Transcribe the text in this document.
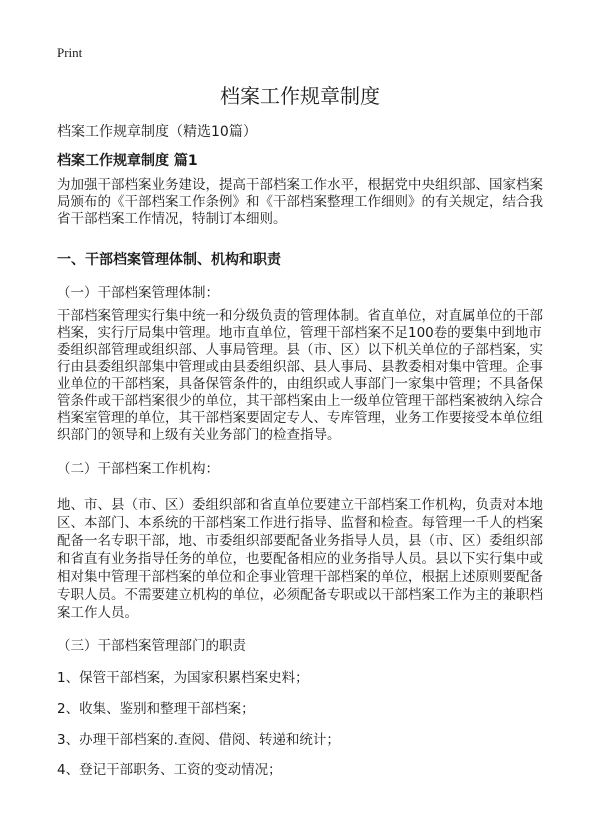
Print
档案工作规章制度
档案工作规章制度（精选10篇）
档案工作规章制度 篇1
为加强干部档案业务建设，提高干部档案工作水平，根据党中央组织部、国家档案
局颁布的《干部档案工作条例》和《干部档案整理工作细则》的有关规定，结合我
省干部档案工作情况，特制订本细则。
一、干部档案管理体制、机构和职责
（一）干部档案管理体制：
干部档案管理实行集中统一和分级负责的管理体制。省直单位，对直属单位的干部
档案，实行厅局集中管理。地市直单位，管理干部档案不足100卷的要集中到地市
委组织部管理或组织部、人事局管理。县（市、区）以下机关单位的子部档案，实
行由县委组织部集中管理或由县委组织部、县人事局、县教委相对集中管理。企事
业单位的干部档案，具备保管条件的，由组织或人事部门一家集中管理；不具备保
管条件或干部档案很少的单位，其干部档案由上一级单位管理干部档案被纳入综合
档案室管理的单位，其干部档案要固定专人、专库管理，业务工作要接受本单位组
织部门的领导和上级有关业务部门的检查指导。
（二）干部档案工作机构：
地、市、县（市、区）委组织部和省直单位要建立干部档案工作机构，负责对本地
区、本部门、本系统的干部档案工作进行指导、监督和检查。每管理一千人的档案
配备一名专职干部，地、市委组织部要配备业务指导人员，县（市、区）委组织部
和省直有业务指导任务的单位，也要配备相应的业务指导人员。县以下实行集中或
相对集中管理干部档案的单位和企事业管理干部档案的单位，根据上述原则要配备
专职人员。不需要建立机构的单位，必须配备专职或以干部档案工作为主的兼职档
案工作人员。
（三）干部档案管理部门的职责
1、保管干部档案，为国家积累档案史料；
2、收集、鉴别和整理干部档案；
3、办理干部档案的.查阅、借阅、转递和统计；
4、登记干部职务、工资的变动情况；
